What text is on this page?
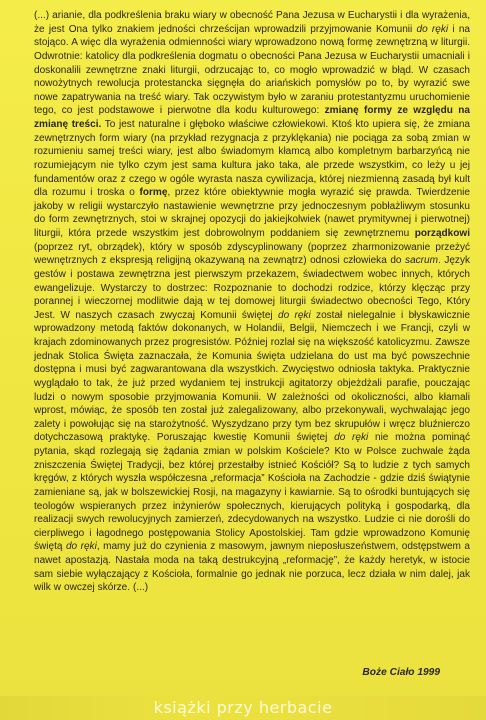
(...) arianie, dla podkreślenia braku wiary w obecność Pana Jezusa w Eucharystii i dla wyrażenia, że jest Ona tylko znakiem jedności chrześcijan wprowadzili przyjmowanie Komunii do ręki i na stojąco. A więc dla wyrażenia odmienności wiary wprowadzono nową formę zewnętrzną w liturgii. Odwrotnie: katolicy dla podkreślenia dogmatu o obecności Pana Jezusa w Eucharystii umacniali i doskonalili zewnętrzne znaki liturgii, odrzucając to, co mogło wprowadzić w błąd. W czasach nowożytnych rewolucja protestancka sięgnęła do ariańskich pomysłów po to, by wyrazić swe nowe zapatrywania na treść wiary. Tak oczywistym było w zaraniu protestantyzmu uruchomienie tego, co jest podstawowe i pierwotne dla kodu kulturowego: zmianę formy ze względu na zmianę treści. To jest naturalne i głęboko właściwe człowiekowi. Ktoś kto upiera się, że zmiana zewnętrznych form wiary (na przykład rezygnacja z przyklękania) nie pociąga za sobą zmian w rozumieniu samej treści wiary, jest albo świadomym kłamcą albo kompletnym barbarzyńcą nie rozumiejącym nie tylko czym jest sama kultura jako taka, ale przede wszystkim, co leży u jej fundamentów oraz z czego w ogóle wyrasta nasza cywilizacja, której niezmienną zasadą był kult dla rozumu i troska o formę, przez które obiektywnie mogła wyrazić się prawda. Twierdzenie jakoby w religii wystarczyło nastawienie wewnętrzne przy jednoczesnym pobłażliwym stosunku do form zewnętrznych, stoi w skrajnej opozycji do jakiejkolwiek (nawet prymitywnej i pierwotnej) liturgii, która przede wszystkim jest dobrowolnym poddaniem się zewnętrznemu porządkowi (poprzez ryt, obrządek), który w sposób zdyscyplinowany (poprzez zharmonizowanie przeżyć wewnętrznych z ekspresją religijną okazywaną na zewnątrz) odnosi człowieka do sacrum. Język gestów i postawa zewnętrzna jest pierwszym przekazem, świadectwem wobec innych, których ewangelizuje. Wystarczy to dostrzec: Rozpoznanie to dochodzi rodzice, którzy klęcząc przy porannej i wieczornej modlitwie dają w tej domowej liturgii świadectwo obecności Tego, Który Jest. W naszych czasach zwyczaj Komunii świętej do ręki został nielegalnie i błyskawicznie wprowadzony metodą faktów dokonanych, w Holandii, Belgii, Niemczech i we Francji, czyli w krajach zdominowanych przez progresistów. Później rozlał się na większość katolicyzmu. Zawsze jednak Stolica Święta zaznaczała, że Komunia święta udzielana do ust ma być powszechnie dostępna i musi być zagwarantowana dla wszystkich. Zwycięstwo odniosła taktyka. Praktycznie wyglądało to tak, że już przed wydaniem tej instrukcji agitatorzy objeżdżali parafie, pouczając ludzi o nowym sposobie przyjmowania Komunii. W zależności od okoliczności, albo kłamali wprost, mówiąc, że sposób ten został już zalegalizowany, albo przekonywali, wychwalając jego zalety i powołując się na starożytność. Wyszydzano przy tym bez skrupułów i wręcz bluźnierczo dotychczasową praktykę. Poruszając kwestię Komunii świętej do ręki nie można pominąć pytania, skąd rozlegają się żądania zmian w polskim Kościele? Kto w Polsce zuchwale żąda zniszczenia Świętej Tradycji, bez której przestałby istnieć Kościół? Są to ludzie z tych samych kręgów, z których wyszła współczesna „reformacja” Kościoła na Zachodzie - gdzie dziś świątynie zamieniane są, jak w bolszewickiej Rosji, na magazyny i kawiarnie. Są to ośrodki buntujących się teologów wspieranych przez inżynierów społecznych, kierujących polityką i gospodarką, dla realizacji swych rewolucyjnych zamierzeń, zdecydowanych na wszystko. Ludzie ci nie dorośli do cierpliwego i łagodnego postępowania Stolicy Apostolskiej. Tam gdzie wprowadzono Komunię świętą do ręki, mamy już do czynienia z masowym, jawnym nieposłuszeństwem, odstępstwem a nawet apostazją. Nastała moda na taką destrukcyjną „reformację”, że każdy heretyk, w istocie sam siebie wyłączający z Kościoła, formalnie go jednak nie porzuca, lecz działa w nim dalej, jak wilk w owczej skórze. (...)

Boże Ciało 1999
książki przy herbacie
